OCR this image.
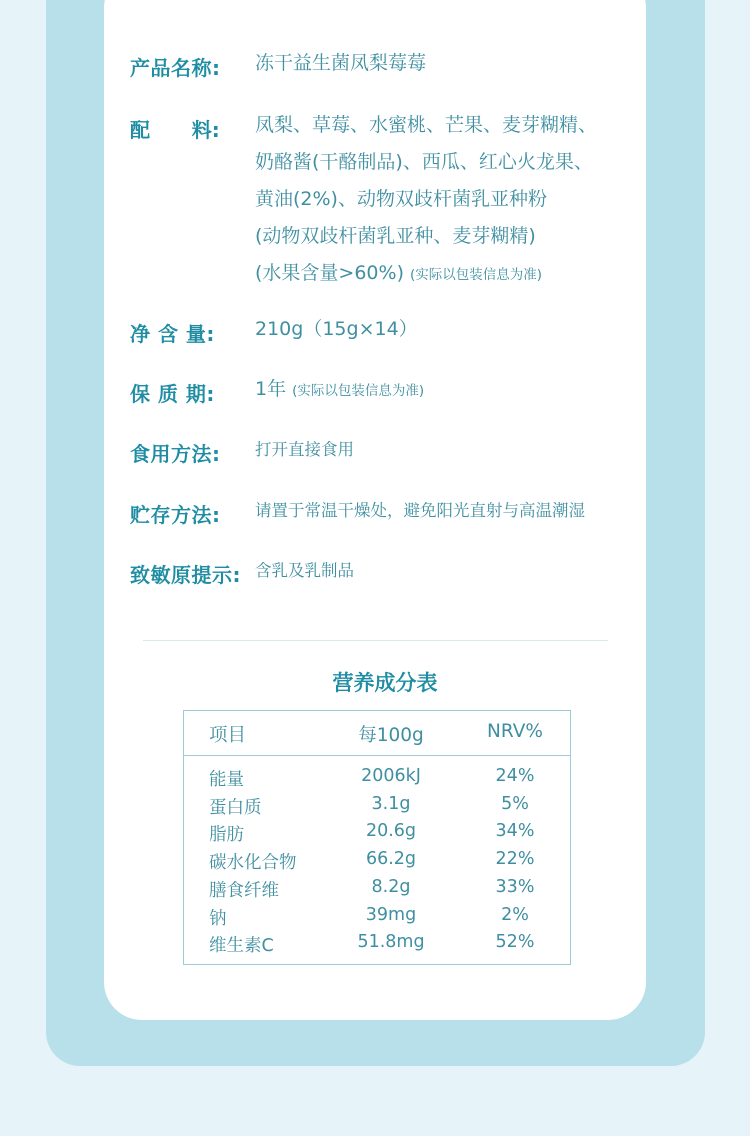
产品名称: 冻干益生菌凤梨莓莓
配      料: 凤梨、草莓、水蜜桃、芒果、麦芽糊精、
奶酪酱(干酪制品)、西瓜、红心火龙果、
黄油(2%)、动物双歧杆菌乳亚种粉
(动物双歧杆菌乳亚种、麦芽糊精)
(水果含量>60%) (实际以包装信息为准)
净 含 量: 210g（15g×14）
保 质 期: 1年 (实际以包装信息为准)
食用方法: 打开直接食用
贮存方法: 请置于常温干燥处，避免阳光直射与高温潮湿
致敏原提示: 含乳及乳制品
营养成分表
项目	每100g	NRV%
能量	2006kJ	24%
蛋白质	3.1g	5%
脂肪	20.6g	34%
碳水化合物	66.2g	22%
膳食纤维	8.2g	33%
钠	39mg	2%
维生素C	51.8mg	52%
